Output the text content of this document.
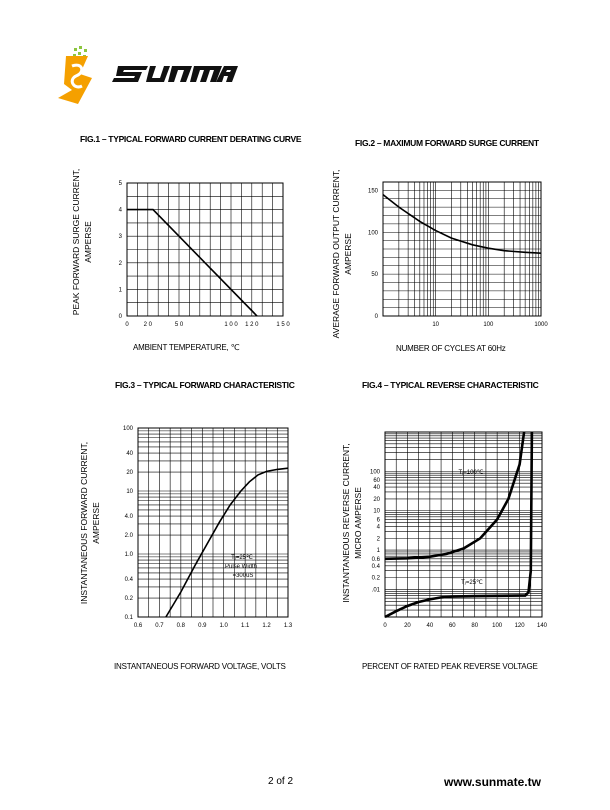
FIG.1 – TYPICAL FORWARD CURRENT DERATING CURVE
PEAK FORWARD SURGE CURRENT, AMPERSE
0 2 0	5 0	1 0 0 1 2 0	1 5 0
0
1
2
3
4
5
10	100	1000
0
50
100
150
0.6 0.7 0.8 0.9 1.0 1.1 1.2 1.3
0.1
0.2
0.4
1.0
2.0
4.0
10
20
40
100
0	20	40	60	80 100 120 140
.01
0.2
0.4
0.6
1
2
4
6
10
20
40
60
100
Tⱼ=25℃
Pulse Width
=300uS
Tⱼ=100℃
Tⱼ=25℃
AMBIENT TEMPERATURE, ℃
FIG.2 – MAXIMUM FORWARD SURGE CURRENT
AVERAGE FORWARD OUTPUT CURRENT, AMPERSE
NUMBER OF CYCLES AT 60Hz
FIG.3 – TYPICAL FORWARD CHARACTERISTIC
INSTANTANEOUS FORWARD CURRENT, AMPERSE
INSTANTANEOUS FORWARD VOLTAGE, VOLTS
FIG.4 – TYPICAL REVERSE CHARACTERISTIC
INSTANTANEOUS REVERSE CURRENT, MICRO AMPERSE
PERCENT OF RATED PEAK REVERSE VOLTAGE
2 of 2	www.sunmate.tw
